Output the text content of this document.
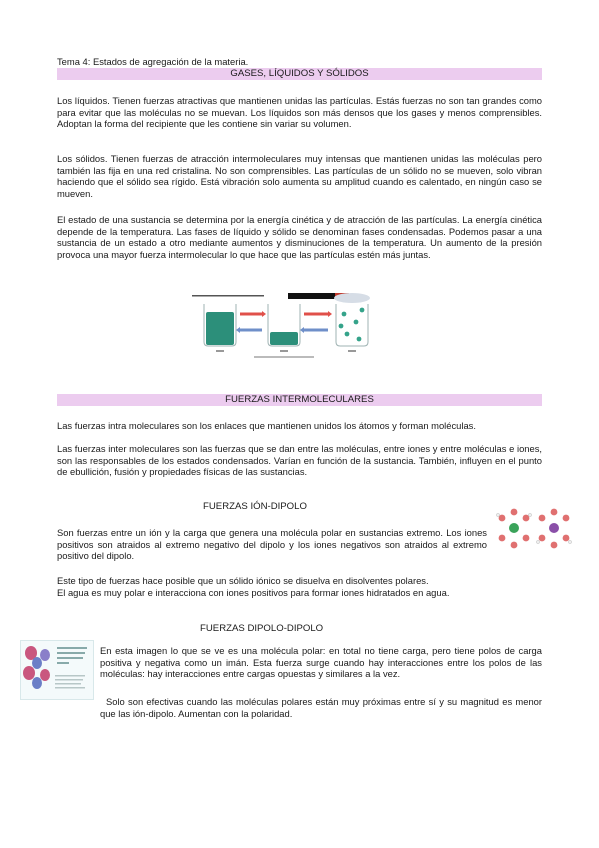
Tema 4: Estados de agregación de la materia.
GASES, LÍQUIDOS Y SÓLIDOS
Los líquidos. Tienen fuerzas atractivas que mantienen unidas las partículas. Estás fuerzas no son tan grandes como para evitar que las moléculas no se muevan. Los líquidos son más densos que los gases y menos comprensibles. Adoptan la forma del recipiente que les contiene sin variar su volumen.
Los sólidos. Tienen fuerzas de atracción intermoleculares muy intensas que mantienen unidas las moléculas pero también las fija en una red cristalina. No son comprensibles. Las partículas de un sólido no se mueven, solo vibran haciendo que el sólido sea rígido. Está vibración solo aumenta su amplitud cuando es calentado, en ningún caso se mueven.
El estado de una sustancia se determina por la energía cinética y de atracción de las partículas. La energía cinética depende de la temperatura. Las fases de líquido y sólido se denominan fases condensadas. Podemos pasar a una sustancia de un estado a otro mediante aumentos y disminuciones de la temperatura. Un aumento de la presión provoca una mayor fuerza intermolecular lo que hace que las partículas estén más juntas.
FUERZAS INTERMOLECULARES
Las fuerzas intra moleculares son los enlaces que mantienen unidos los átomos y forman moléculas.
Las fuerzas inter moleculares son las fuerzas que se dan entre las moléculas, entre iones y entre moléculas e iones, son las responsables de los estados condensados. Varían en función de la sustancia. También, influyen en el punto de ebullición, fusión y propiedades físicas de las sustancias.
FUERZAS IÓN-DIPOLO
Son fuerzas entre un ión y la carga que genera una molécula polar en sustancias extremo. Los iones positivos son atraidos al extremo negativo del dipolo y los iones negativos son atraidos al extremo positivo del dipolo.
Este tipo de fuerzas hace posible que un sólido iónico se disuelva en disolventes polares.
El agua es muy polar e interacciona con iones positivos para formar iones hidratados en agua.
FUERZAS DIPOLO-DIPOLO
En esta imagen lo que se ve es una molécula polar: en total no tiene carga, pero tiene polos de carga positiva y negativa como un imán. Esta fuerza surge cuando hay interacciones entre los polos de las moléculas: hay interacciones entre cargas opuestas y similares a la vez.
Solo son efectivas cuando las moléculas polares están muy próximas entre sí y su magnitud es menor que las ión-dipolo. Aumentan con la polaridad.
